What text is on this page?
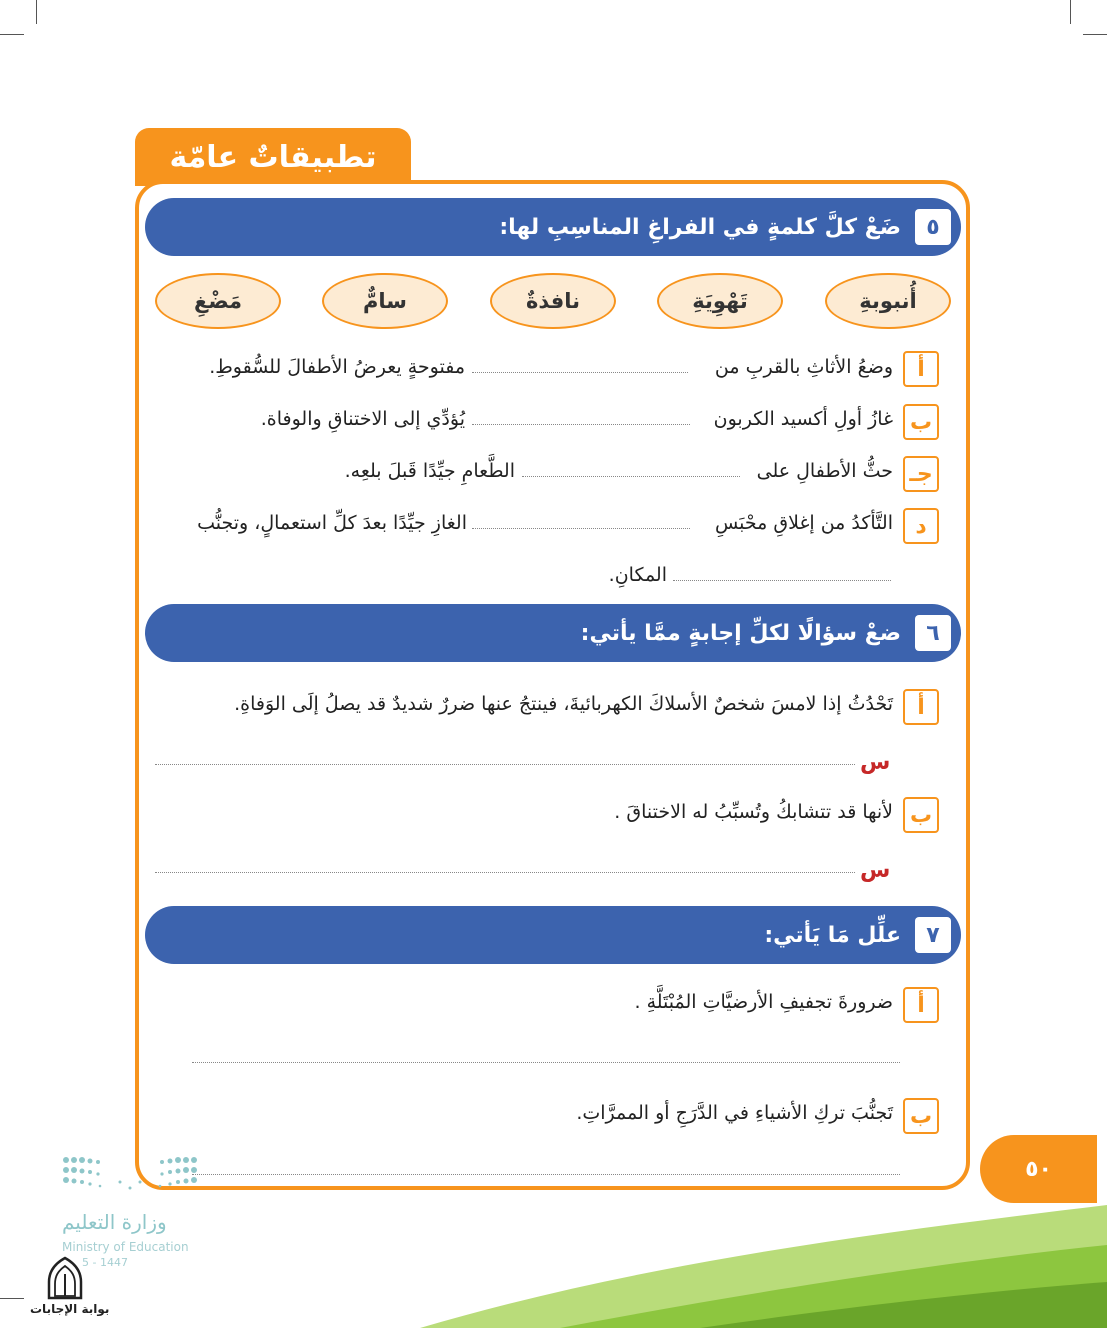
تطبيقاتٌ عامّة
٥
ضَعْ كلَّ كلمةٍ في الفراغِ المناسِبِ لها:
أُنبوبةِ
تَهْوِيَةِ
نافذةٌ
سامٌّ
مَضْغِ
أ
وضعُ الأثاثِ بالقربِ من
مفتوحةٍ يعرضُ الأطفالَ للسُّقوطِ.
ب
غازُ أولِ أكسيد الكربون
يُؤدِّي إلى الاختناقِ والوفاة.
جـ
حثُّ الأطفالِ على
الطَّعامِ جيِّدًا قَبلَ بلعِه.
د
التَّأكدُ من إغلاقِ محْبَسِ
الغازِ جيِّدًا بعدَ كلِّ استعمالٍ، وتجنُّب
المكانِ.
٦
ضعْ سؤالًا لكلِّ إجابةٍ ممَّا يأتي:
أ
تَحْدُثُ إذا لامسَ شخصٌ الأسلاكَ الكهربائيةَ، فينتجُ عنها ضررٌ شديدٌ قد يصلُ إلَى الوَفاةِ.
س
ب
لأنها قد تتشابكُ وتُسبِّبُ له الاختناقَ .
س
٧
علِّل مَا يَأتي:
أ
ضرورةَ تجفيفِ الأرضيَّاتِ المُبْتَلَّةِ .
ب
تَجنُّبَ تركِ الأشياءِ في الدَّرَجِ أو الممرَّاتِ.
٥٠
وزارة التعليم
Ministry of Education
5 - 1447
بوابة الإجابات
